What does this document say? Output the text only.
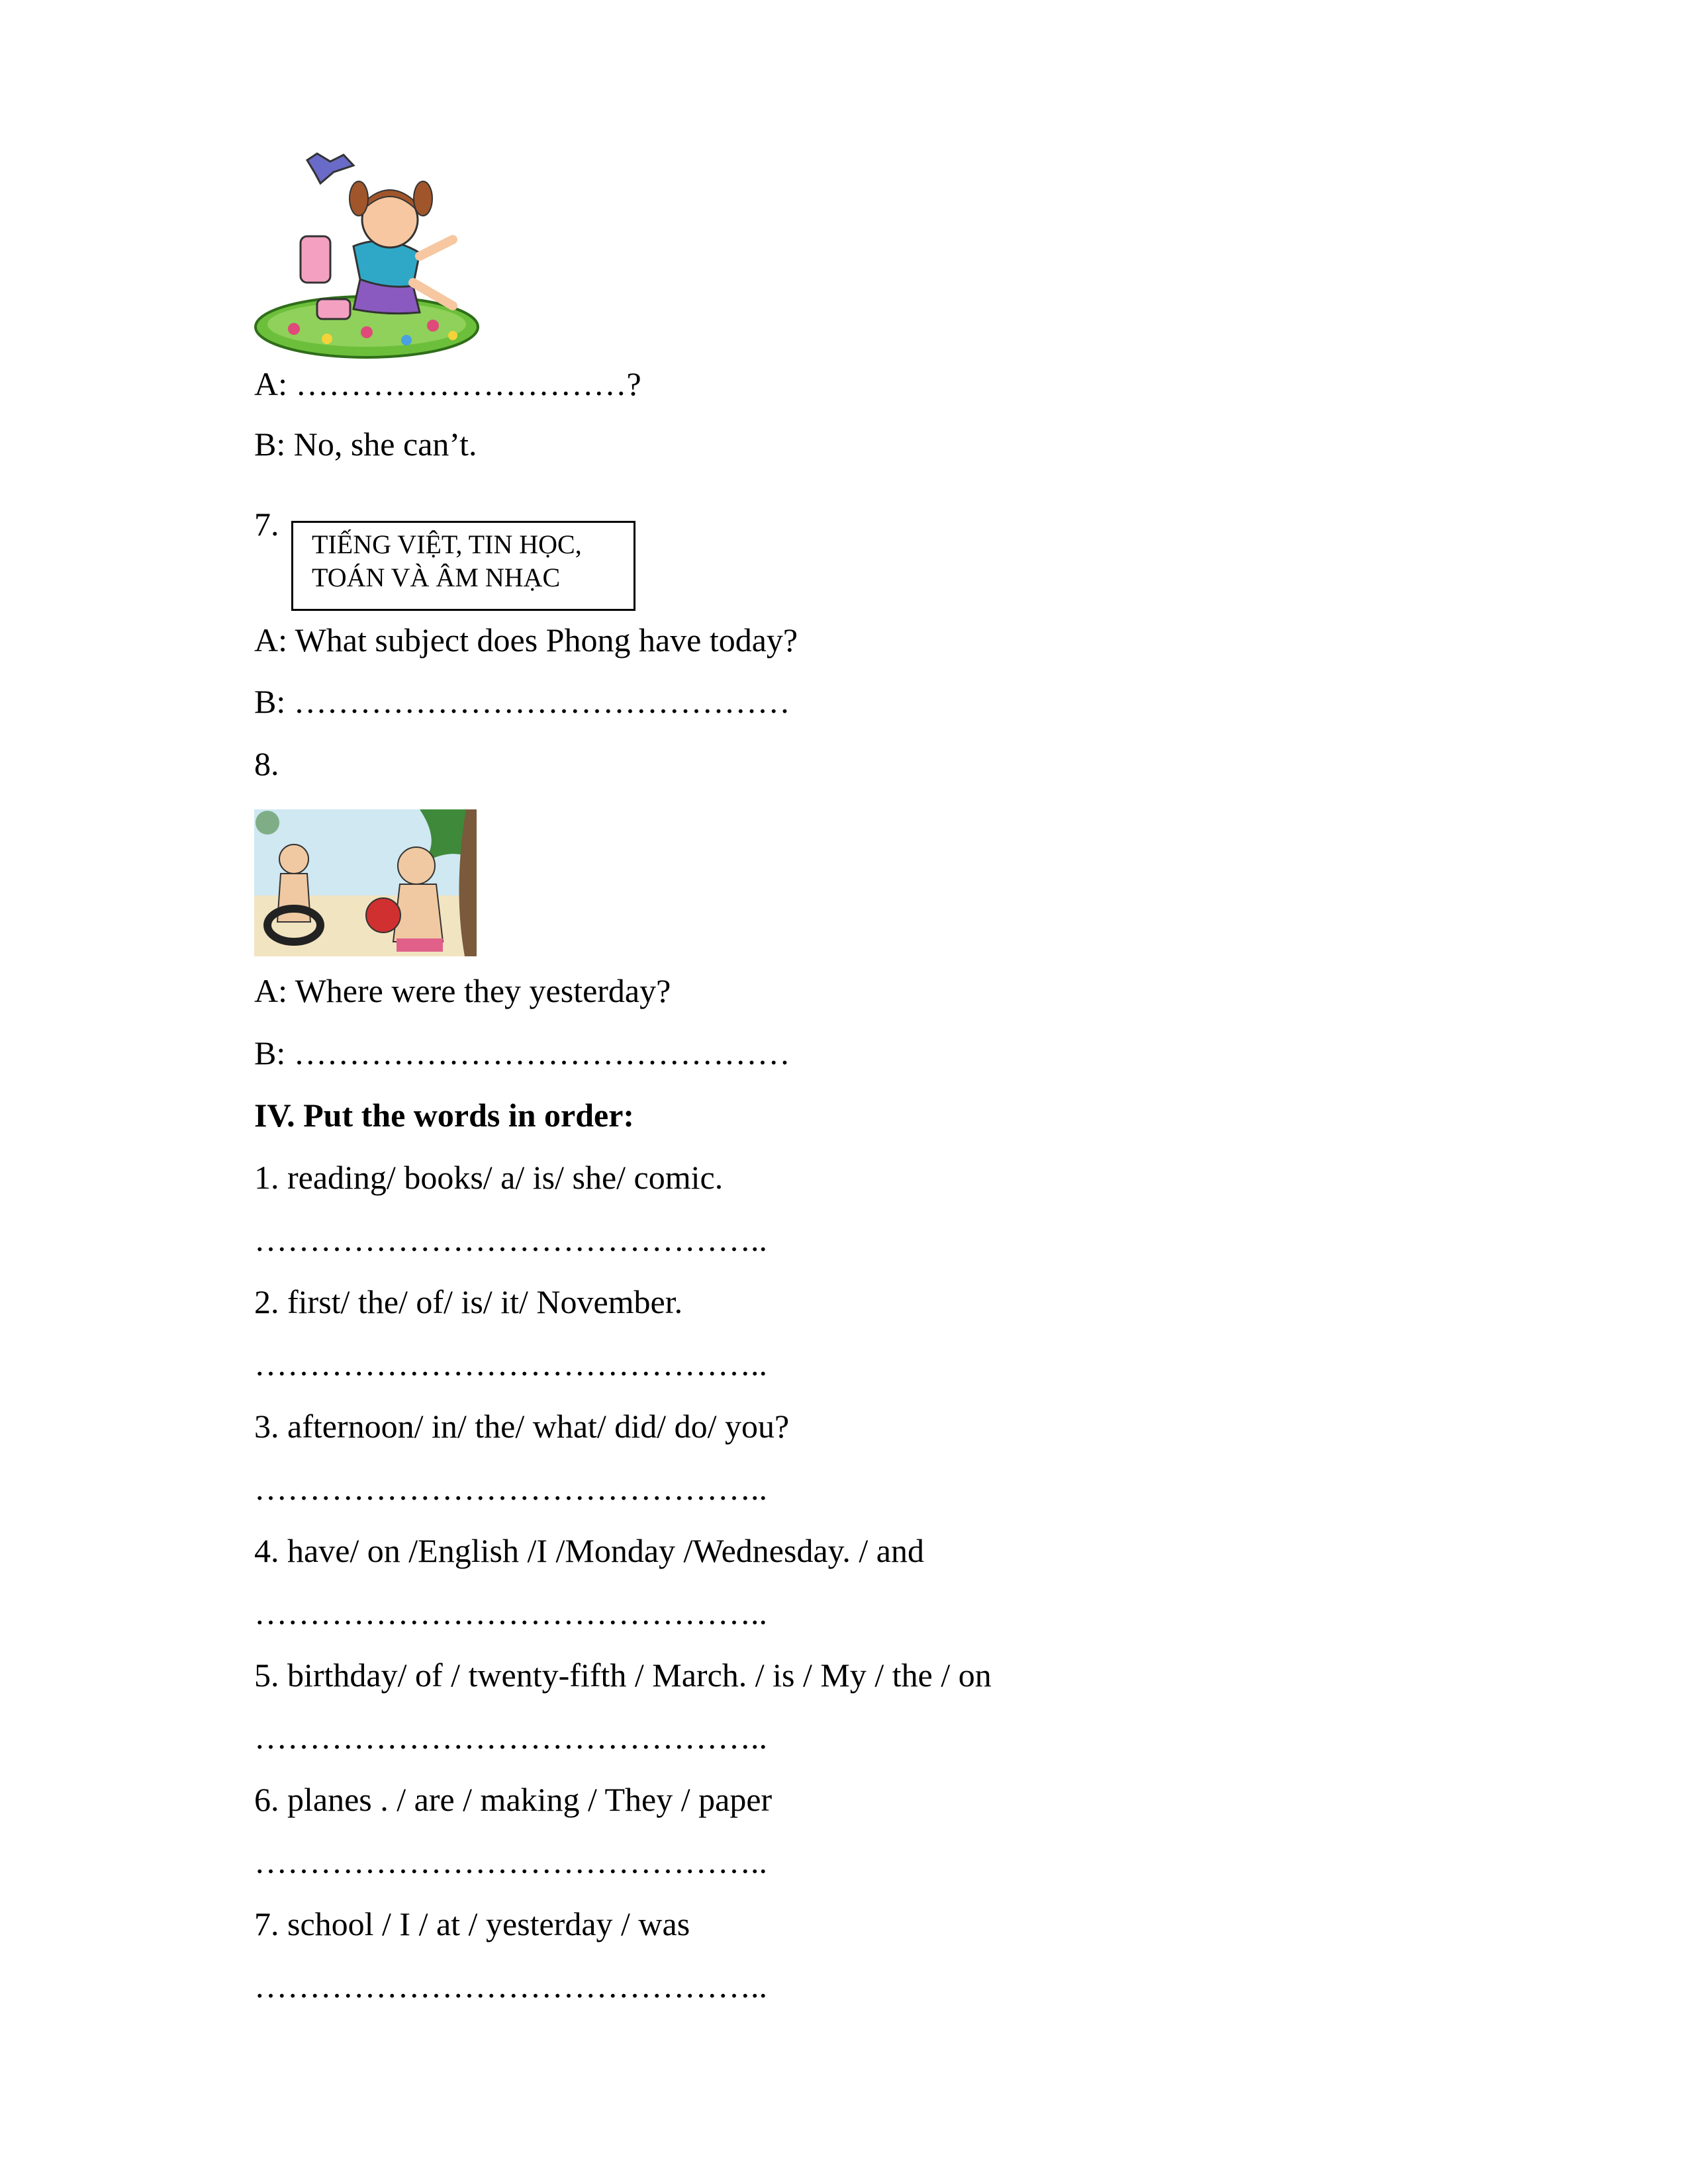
A: …………………………?
B: No, she can’t.
7.
TIẾNG VIỆT, TIN HỌC,
TOÁN VÀ ÂM NHẠC
A: What subject does Phong have today?
B: ………………………………………
8.
A: Where were they yesterday?
B: ………………………………………
IV. Put the words in order:
1. reading/ books/ a/ is/ she/ comic.
………………………………………..
2. first/ the/ of/ is/ it/ November.
………………………………………..
3. afternoon/ in/ the/ what/ did/ do/ you?
………………………………………..
4. have/ on /English /I /Monday /Wednesday. / and
………………………………………..
5. birthday/ of / twenty-fifth / March. / is / My / the / on
………………………………………..
6. planes . / are / making / They / paper
………………………………………..
7. school / I / at / yesterday / was
………………………………………..
